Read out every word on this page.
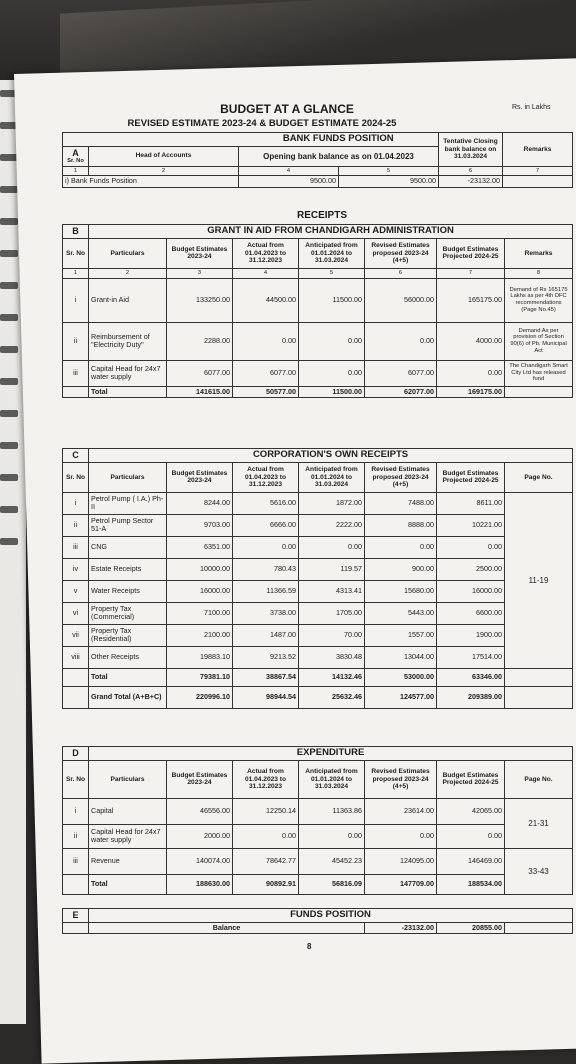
BUDGET AT A GLANCE	Rs. in Lakhs
REVISED ESTIMATE 2023-24 & BUDGET ESTIMATE 2024-25
		BANK FUNDS POSITION		Tentative Closing bank balance on 31.03.2024	Remarks

A
Sr. No	Head of Accounts	Opening bank balance as on 01.04.2023			
1	2	4	5	6	7
i) Bank Funds Position		9500.00	9500.00	-23132.00	
RECEIPTS
B	GRANT IN AID FROM CHANDIGARH ADMINISTRATION						
Sr. No	Particulars	Budget Estimates 2023-24	Actual from 01.04.2023 to 31.12.2023	Anticipated from 01.01.2024 to 31.03.2024	Revised Estimates proposed 2023-24 (4+5)	Budget Estimates Projected 2024-25	Remarks
1	2	3	4	5	6	7	8
i	Grant-in Aid	133250.00	44500.00	11500.00	56000.00	165175.00	Demand of Rs 165175 Lakhs as per 4th DFC recommendations (Page No.45)
ii	Reimbursement of "Electricity Duty"	2288.00	0.00	0.00	0.00	4000.00	Demand As per provision of Section 90(6) of Pb. Municipal Act
iii	Capital Head for 24x7 water supply	6077.00	6077.00	0.00	6077.00	0.00	The Chandigarh Smart City Ltd has released fund
	Total	141615.00	50577.00	11500.00	62077.00	169175.00	
C	CORPORATION'S OWN RECEIPTS						
Sr. No	Particulars	Budget Estimates 2023-24	Actual from 01.04.2023 to 31.12.2023	Anticipated from 01.01.2024 to 31.03.2024	Revised Estimates proposed 2023-24 (4+5)	Budget Estimates Projected 2024-25	Page No.
i	Petrol Pump ( I.A.) Ph-II	8244.00	5616.00	1872.00	7488.00	8611.00	11-19
ii	Petrol Pump Sector 51-A	9703.00	6666.00	2222.00	8888.00	10221.00	
iii	CNG	6351.00	0.00	0.00	0.00	0.00	
iv	Estate Receipts	10000.00	780.43	119.57	900.00	2500.00	
v	Water Receipts	16000.00	11366.59	4313.41	15680.00	16000.00	
vi	Property Tax (Commercial)	7100.00	3738.00	1705.00	5443.00	6600.00	
vii	Property Tax (Residential)	2100.00	1487.00	70.00	1557.00	1900.00	
viii	Other Receipts	19883.10	9213.52	3830.48	13044.00	17514.00	
	Total	79381.10	38867.54	14132.46	53000.00	63346.00	
	Grand Total (A+B+C)	220996.10	98944.54	25632.46	124577.00	209389.00	
D	EXPENDITURE						
Sr. No	Particulars	Budget Estimates 2023-24	Actual from 01.04.2023 to 31.12.2023	Anticipated from 01.01.2024 to 31.03.2024	Revised Estimates proposed 2023-24 (4+5)	Budget Estimates Projected 2024-25	Page No.
i	Capital	46556.00	12250.14	11363.86	23614.00	42065.00	21-31
ii	Capital Head for 24x7 water supply	2000.00	0.00	0.00	0.00	0.00	
iii	Revenue	140074.00	78642.77	45452.23	124095.00	146469.00	33-43
	Total	188630.00	90892.91	56816.09	147709.00	188534.00	
E	FUNDS POSITION			
	Balance	-23132.00	20855.00	
8
